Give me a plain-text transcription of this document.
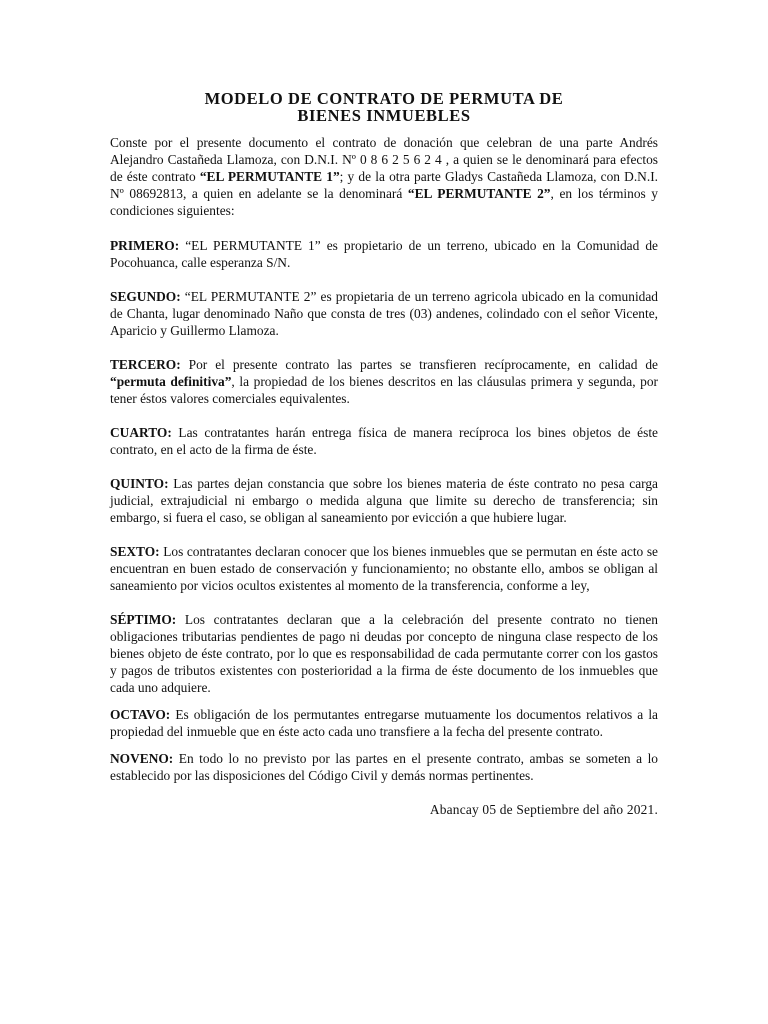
MODELO DE CONTRATO DE PERMUTA DE
BIENES INMUEBLES

Conste por el presente documento el contrato de donación que celebran de una parte Andrés Alejandro Castañeda Llamoza, con D.N.I. Nº 0 8 6 2 5 6 2 4 , a quien se le denominará para efectos de éste contrato “EL PERMUTANTE 1”; y de la otra parte Gladys Castañeda Llamoza, con D.N.I. Nº 08692813, a quien en adelante se la denominará “EL PERMUTANTE 2”, en los términos y condiciones siguientes:

PRIMERO: “EL PERMUTANTE 1” es propietario de un terreno, ubicado en la Comunidad de Pocohuanca, calle esperanza S/N.

SEGUNDO: “EL PERMUTANTE 2” es propietaria de un terreno agricola ubicado en la comunidad de Chanta, lugar denominado Naño que consta de tres (03) andenes, colindado con el señor Vicente, Aparicio y Guillermo Llamoza.

TERCERO: Por el presente contrato las partes se transfieren recíprocamente, en calidad de “permuta definitiva”, la propiedad de los bienes descritos en las cláusulas primera y segunda, por tener éstos valores comerciales equivalentes.

CUARTO: Las contratantes harán entrega física de manera recíproca los bines objetos de éste contrato, en el acto de la firma de éste.

QUINTO: Las partes dejan constancia que sobre los bienes materia de éste contrato no pesa carga judicial, extrajudicial ni embargo o medida alguna que limite su derecho de transferencia; sin embargo, si fuera el caso, se obligan al saneamiento por evicción a que hubiere lugar.

SEXTO: Los contratantes declaran conocer que los bienes inmuebles que se permutan en éste acto se encuentran en buen estado de conservación y funcionamiento; no obstante ello, ambos se obligan al saneamiento por vicios ocultos existentes al momento de la transferencia, conforme a ley,

SÉPTIMO: Los contratantes declaran que a la celebración del presente contrato no tienen obligaciones tributarias pendientes de pago ni deudas por concepto de ninguna clase respecto de los bienes objeto de éste contrato, por lo que es responsabilidad de cada permutante correr con los gastos y pagos de tributos existentes con posterioridad a la firma de éste documento de los inmuebles que cada uno adquiere.

OCTAVO: Es obligación de los permutantes entregarse mutuamente los documentos relativos a la propiedad del inmueble que en éste acto cada uno transfiere a la fecha del presente contrato.

NOVENO: En todo lo no previsto por las partes en el presente contrato, ambas se someten a lo establecido por las disposiciones del Código Civil y demás normas pertinentes.

Abancay 05 de Septiembre del año 2021.
